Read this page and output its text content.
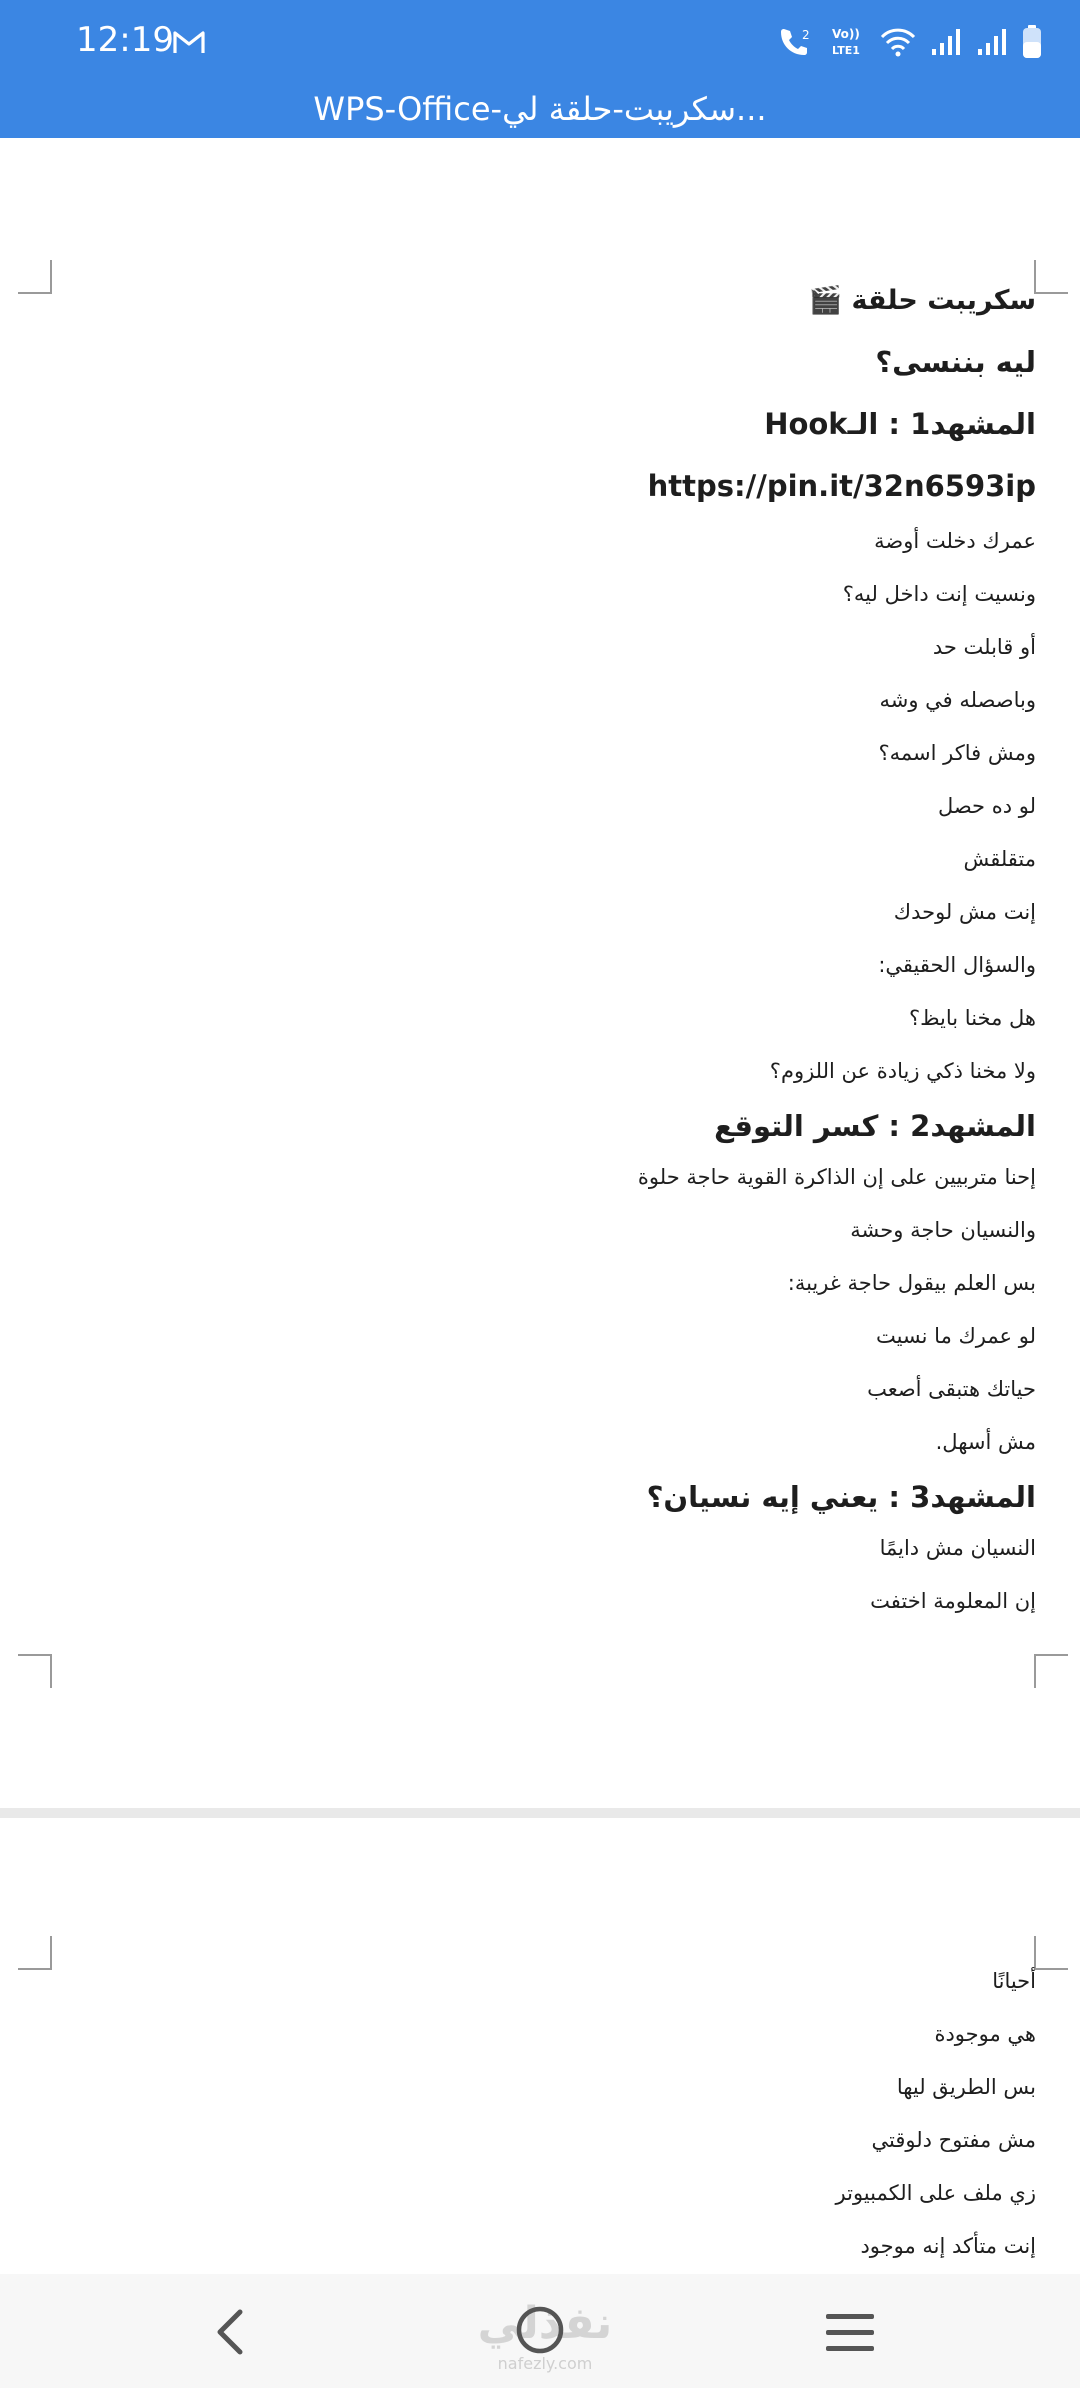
12:19	2 Vo))
LTE1
WPS-Office-سكريبت-حلقة لي...

سكريبت حلقة 🎬

ليه بننسى؟

المشهد1 : الـHook

https://pin.it/32n6593ip

عمرك دخلت أوضة

ونسيت إنت داخل ليه؟

أو قابلت حد

وباصصله في وشه

ومش فاكر اسمه؟

لو ده حصل

متقلقش

إنت مش لوحدك

والسؤال الحقيقي:

هل مخنا بايظ؟

ولا مخنا ذكي زيادة عن اللزوم؟

المشهد2 : كسر التوقع

إحنا متربيين على إن الذاكرة القوية حاجة حلوة

والنسيان حاجة وحشة

بس العلم بيقول حاجة غريبة:

لو عمرك ما نسيت

حياتك هتبقى أصعب

مش أسهل.

المشهد3 : يعني إيه نسيان؟

النسيان مش دايمًا

إن المعلومة اختفت

أحيانًا

هي موجودة

بس الطريق ليها

مش مفتوح دلوقتي

زي ملف على الكمبيوتر

إنت متأكد إنه موجود

نفذلي
nafezly.com
